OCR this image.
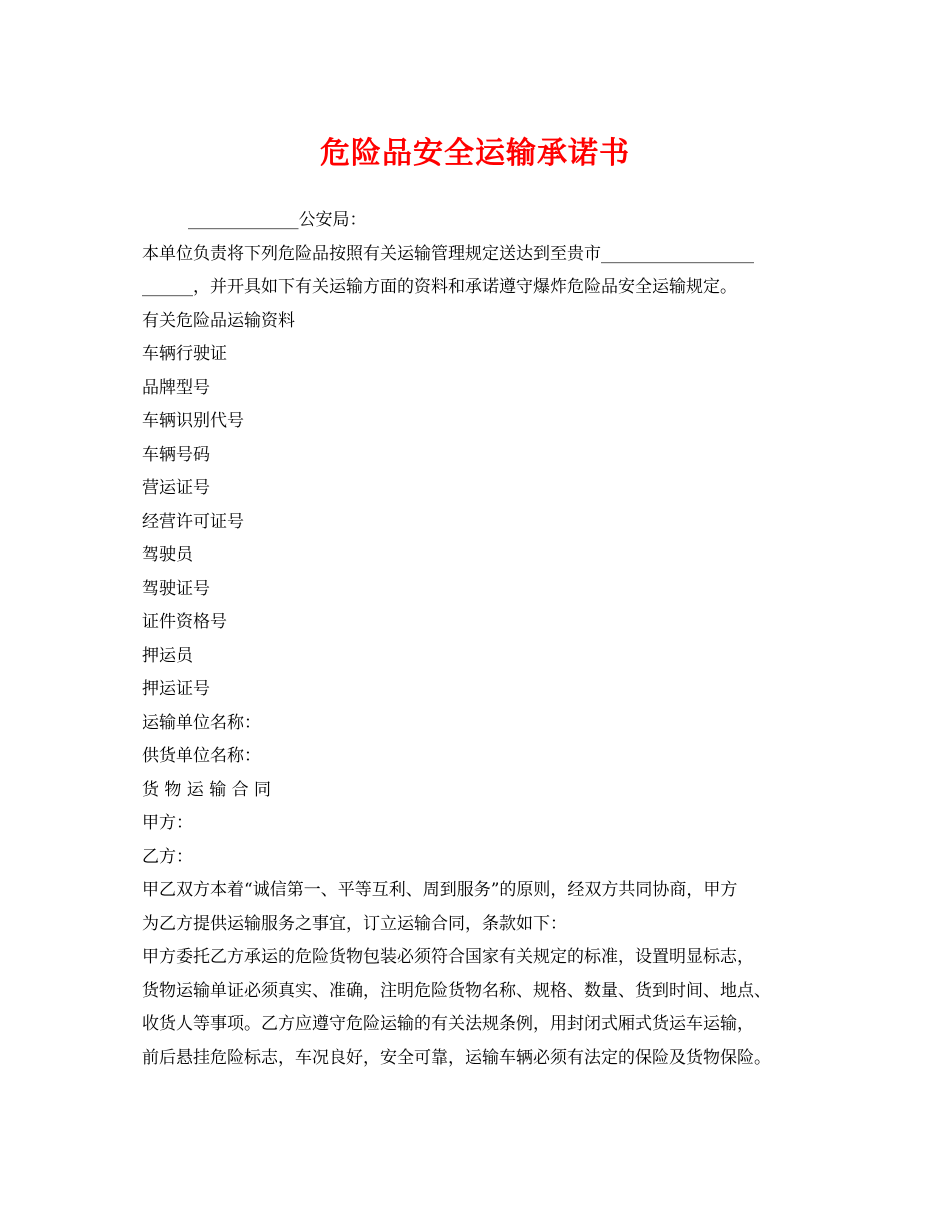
危险品安全运输承诺书
_____________公安局：
本单位负责将下列危险品按照有关运输管理规定送达到至贵市__________________
______，并开具如下有关运输方面的资料和承诺遵守爆炸危险品安全运输规定。
有关危险品运输资料
车辆行驶证
品牌型号
车辆识别代号
车辆号码
营运证号
经营许可证号
驾驶员
驾驶证号
证件资格号
押运员
押运证号
运输单位名称：
供货单位名称：
货 物 运 输 合 同
甲方：
乙方：
甲乙双方本着“诚信第一、平等互利、周到服务”的原则，经双方共同协商，甲方
为乙方提供运输服务之事宜，订立运输合同，条款如下：
甲方委托乙方承运的危险货物包装必须符合国家有关规定的标准，设置明显标志，
货物运输单证必须真实、准确，注明危险货物名称、规格、数量、货到时间、地点、
收货人等事项。乙方应遵守危险运输的有关法规条例，用封闭式厢式货运车运输，
前后悬挂危险标志，车况良好，安全可靠，运输车辆必须有法定的保险及货物保险。
